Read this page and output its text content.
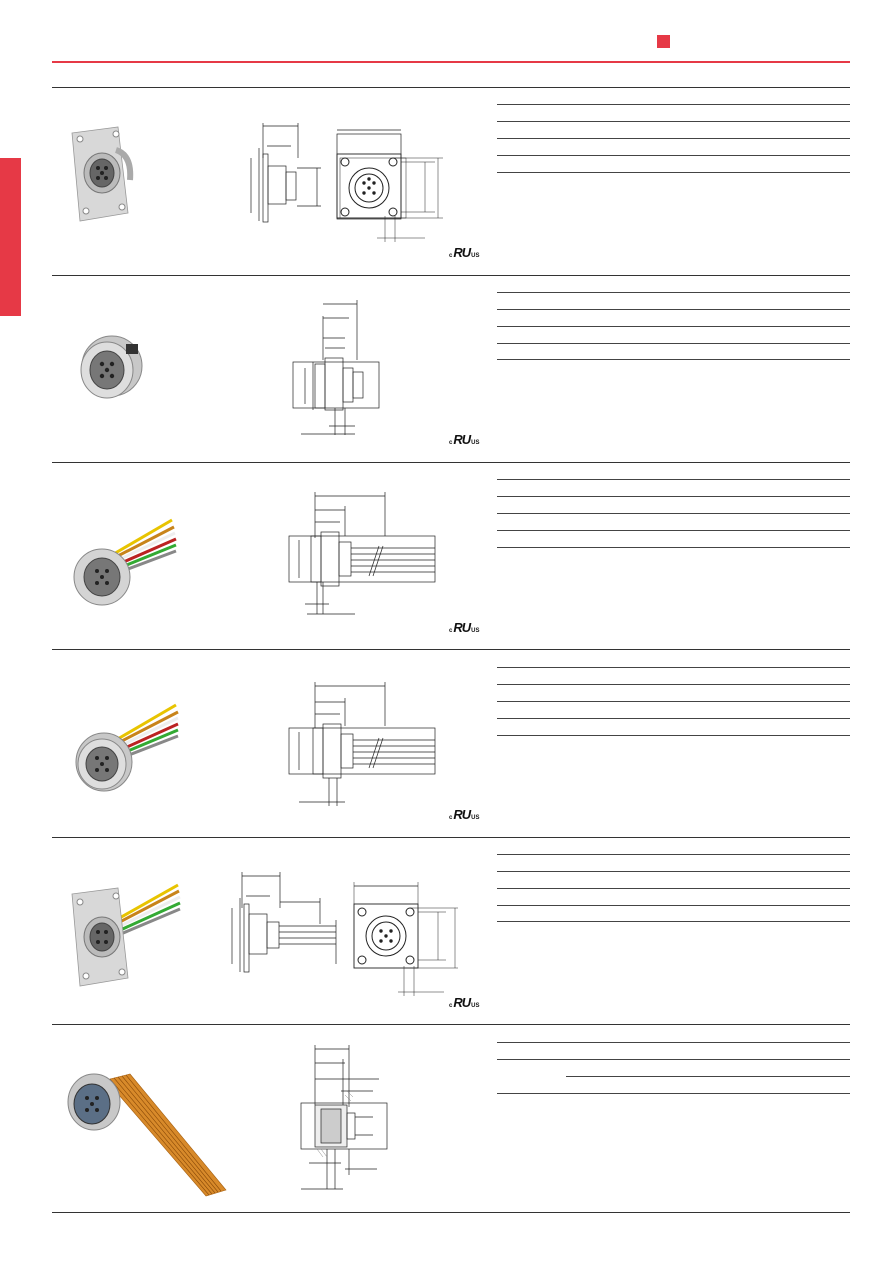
c RU US
c RU US
c RU US
c RU US
c RU US
